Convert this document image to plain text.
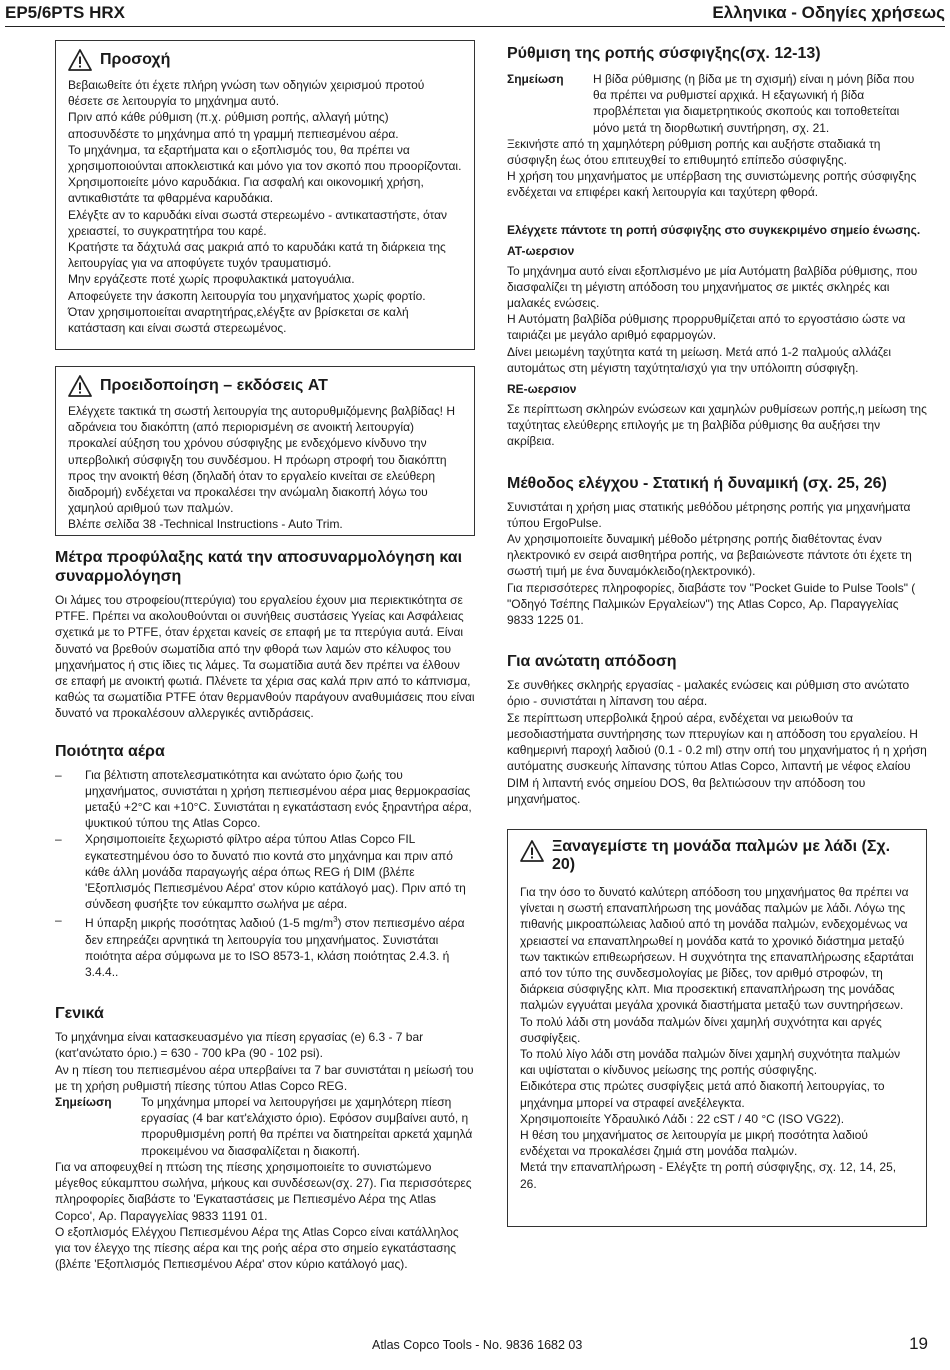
EP5/6PTS HRX	Ελληνικα - Οδηγίες χρήσεως
Προσοχή

Βεβαιωθείτε ότι έχετε πλήρη γνώση των οδηγιών χειρισμού προτού θέσετε σε λειτουργία το μηχάνημα αυτό.

Πριν από κάθε ρύθμιση (π.χ. ρύθμιση ροπής, αλλαγή μύτης) αποσυνδέστε το μηχάνημα από τη γραμμή πεπιεσμένου αέρα.

Το μηχάνημα, τα εξαρτήματα και ο εξοπλισμός του, θα πρέπει να χρησιμοποιούνται αποκλειστικά και μόνο για τον σκοπό που προορίζονται.

Χρησιμοποιείτε μόνο καρυδάκια. Για ασφαλή και οικονομική χρήση, αντικαθιστάτε τα φθαρμένα καρυδάκια.

Ελέγξτε αν το καρυδάκι είναι σωστά στερεωμένο - αντικαταστήστε, όταν χρειαστεί, το συγκρατητήρα του καρέ.

Κρατήστε τα δάχτυλά σας μακριά από το καρυδάκι κατά τη διάρκεια της λειτουργίας για να αποφύγετε τυχόν τραυματισμό.

Μην εργάζεστε ποτέ χωρίς προφυλακτικά ματογυάλια.

Αποφεύγετε την άσκοπη λειτουργία του μηχανήματος χωρίς φορτίο.

Όταν χρησιμοποιείται αναρτητήρας,ελέγξτε αν βρίσκεται σε καλή κατάσταση και είναι σωστά στερεωμένος.

Προειδοποίηση – εκδόσεις AT

Ελέγχετε τακτικά τη σωστή λειτουργία της αυτορυθμιζόμενης βαλβίδας! Η αδράνεια του διακόπτη (από περιορισμένη σε ανοικτή λειτουργία) προκαλεί αύξηση του χρόνου σύσφιγξης με ενδεχόμενο κίνδυνο την υπερβολική σύσφιγξη του συνδέσμου. Η πρόωρη στροφή του διακόπτη προς την ανοικτή θέση (δηλαδή όταν το εργαλείο κινείται σε ελεύθερη διαδρομή) ενδέχεται να προκαλέσει την ανώμαλη διακοπή λόγω του χαμηλού αριθμού των παλμών.

Βλέπε σελίδα 38 -Technical Instructions - Auto Trim.

Μέτρα προφύλαξης κατά την αποσυναρμολόγηση και συναρμολόγηση

Οι λάμες του στροφείου(πτερύγια) του εργαλείου έχουν μια περιεκτικότητα σε PTFE. Πρέπει να ακολουθούνται οι συνήθεις συστάσεις Υγείας και Ασφάλειας σχετικά με το PTFE, όταν έρχεται κανείς σε επαφή με τα πτερύγια αυτά. Είναι δυνατό να βρεθούν σωματίδια από την φθορά των λαμών στο κέλυφος του μηχανήματος ή στις ίδιες τις λάμες. Τα σωματίδια αυτά δεν πρέπει να έλθουν σε επαφή με ανοικτή φωτιά. Πλένετε τα χέρια σας καλά πριν από το κάπνισμα, καθώς τα σωματίδια PTFE όταν θερμανθούν παράγουν αναθυμιάσεις που είναι δυνατό να προκαλέσουν αλλεργικές αντιδράσεις.

Ποιότητα αέρα
–	Για βέλτιστη αποτελεσματικότητα και ανώτατο όριο ζωής του μηχανήματος, συνιστάται η χρήση πεπιεσμένου αέρα μιας θερμοκρασίας μεταξύ +2°C και +10°C. Συνιστάται η εγκατάσταση ενός ξηραντήρα αέρα, ψυκτικού τύπου της Atlas Copco.
–	Χρησιμοποιείτε ξεχωριστό φίλτρο αέρα τύπου Atlas Copco FIL εγκατεστημένου όσο το δυνατό πιο κοντά στο μηχάνημα και πριν από κάθε άλλη μονάδα παραγωγής αέρα όπως REG ή DIM (βλέπε 'Εξοπλισμός Πεπιεσμένου Αέρα' στον κύριο κατάλογό μας). Πριν από τη σύνδεση φυσήξτε τον εύκαμπτο σωλήνα με αέρα.
–	Η ύπαρξη μικρής ποσότητας λαδιού (1-5 $mg/m^3$) στον πεπιεσμένο αέρα δεν επηρεάζει αρνητικά τη λειτουργία του μηχανήματος. Συνιστάται ποιότητα αέρα σύμφωνα με το ISO 8573-1, κλάση ποιότητας 2.4.3. ή 3.4.4..
Γενικά

Το μηχάνημα είναι κατασκευασμένο για πίεση εργασίας (e) 6.3 - 7 bar (κατ'ανώτατο όριο.) = 630 - 700 kPa (90 - 102 psi).

Αν η πίεση του πεπιεσμένου αέρα υπερβαίνει τα 7 bar συνιστάται η μείωσή του με τη χρήση ρυθμιστή πίεσης τύπου Atlas Copco REG.

Σημείωση	Το μηχάνημα μπορεί να λειτουργήσει με χαμηλότερη πίεση εργασίας (4 bar κατ'ελάχιστο όριο). Εφόσον συμβαίνει αυτό, η προρυθμισμένη ροπή θα πρέπει να διατηρείται αρκετά χαμηλά προκειμένου να διασφαλίζεται η διακοπή.

Για να αποφευχθεί η πτώση της πίεσης χρησιμοποιείτε το συνιστώμενο μέγεθος εύκαμπτου σωλήνα, μήκους και συνδέσεων(σχ. 27). Για περισσότερες πληροφορίες διαβάστε το 'Εγκαταστάσεις με Πεπιεσμένο Αέρα της Atlas Copco', Αρ. Παραγγελίας 9833 1191 01.

Ο εξοπλισμός Ελέγχου Πεπιεσμένου Αέρα της Atlas Copco είναι κατάλληλος για τον έλεγχο της πίεσης αέρα και της ροής αέρα στο σημείο εγκατάστασης (βλέπε 'Εξοπλισμός Πεπιεσμένου Αέρα' στον κύριο κατάλογό μας).

Ρύθμιση της ροπής σύσφιγξης(σχ. 12-13)
Σημείωση	Η βίδα ρύθμισης (η βίδα με τη σχισμή) είναι η μόνη βίδα που θα πρέπει να ρυθμιστεί αρχικά. Η εξαγωνική ή βίδα προβλέπεται για διαμετρητικούς σκοπούς και τοποθετείται μόνο μετά τη διορθωτική συντήρηση, σχ. 21.

Ξεκινήστε από τη χαμηλότερη ρύθμιση ροπής και αυξήστε σταδιακά τη σύσφιγξη έως ότου επιτευχθεί το επιθυμητό επίπεδο σύσφιγξης.

Η χρήση του μηχανήματος με υπέρβαση της συνιστώμενης ροπής σύσφιγξης ενδέχεται να επιφέρει κακή λειτουργία και ταχύτερη φθορά.

Ελέγχετε πάντοτε τη ροπή σύσφιγξης στο συγκεκριμένο σημείο ένωσης.
AT-ωερσιον

Το μηχάνημα αυτό είναι εξοπλισμένο με μία Αυτόματη βαλβίδα ρύθμισης, που διασφαλίζει τη μέγιστη απόδοση του μηχανήματος σε μικτές σκληρές και μαλακές ενώσεις.

Η Αυτόματη βαλβίδα ρύθμισης προρρυθμίζεται από το εργοστάσιο ώστε να ταιριάζει με μεγάλο αριθμό εφαρμογών.

Δίνει μειωμένη ταχύτητα κατά τη μείωση. Μετά από 1-2 παλμούς αλλάζει αυτομάτως στη μέγιστη ταχύτητα/ισχύ για την υπόλοιπη σύσφιγξη.

RE-ωερσιον

Σε περίπτωση σκληρών ενώσεων και χαμηλών ρυθμίσεων ροπής,η μείωση της ταχύτητας ελεύθερης επιλογής με τη βαλβίδα ρύθμισης θα αυξήσει την ακρίβεια.

Μέθοδος ελέγχου - Στατική ή δυναμική (σχ. 25, 26)

Συνιστάται η χρήση μιας στατικής μεθόδου μέτρησης ροπής για μηχανήματα τύπου ErgoPulse.

Αν χρησιμοποιείτε δυναμική μέθοδο μέτρησης ροπής διαθέτοντας έναν ηλεκτρονικό εν σειρά αισθητήρα ροπής, να βεβαιώνεστε πάντοτε ότι έχετε τη σωστή τιμή με ένα δυναμόκλειδο(ηλεκτρονικό).

Για περισσότερες πληροφορίες, διαβάστε τον "Pocket Guide to Pulse Tools" ( "Οδηγό Τσέπης Παλμικών Εργαλείων") της Atlas Copco, Αρ. Παραγγελίας 9833 1225 01.

Για ανώτατη απόδοση

Σε συνθήκες σκληρής εργασίας - μαλακές ενώσεις και ρύθμιση στο ανώτατο όριο - συνιστάται η λίπανση του αέρα.

Σε περίπτωση υπερβολικά ξηρού αέρα, ενδέχεται να μειωθούν τα μεσοδιαστήματα συντήρησης των πτερυγίων και η απόδοση του εργαλείου. Η καθημερινή παροχή λαδιού (0.1 - 0.2 ml) στην οπή του μηχανήματος ή η χρήση αυτόματης συσκευής λίπανσης τύπου Atlas Copco, λιπαντή με νέφος ελαίου DIM ή λιπαντή ενός σημείου DOS, θα βελτιώσουν την απόδοση του μηχανήματος.

Ξαναγεμίστε τη μονάδα παλμών με λάδι (Σχ. 20)

Για την όσο το δυνατό καλύτερη απόδοση του μηχανήματος θα πρέπει να γίνεται η σωστή επαναπλήρωση της μονάδας παλμών με λάδι. Λόγω της πιθανής μικροαπώλειας λαδιού από τη μονάδα παλμών, ενδεχομένως να χρειαστεί να επαναπληρωθεί η μονάδα κατά το χρονικό διάστημα μεταξύ των τακτικών επιθεωρήσεων. Η συχνότητα της επαναπλήρωσης εξαρτάται από τον τύπο της συνδεσμολογίας με βίδες, τον αριθμό στροφών, τη διάρκεια σύσφιγξης κλπ. Μια προσεκτική επαναπλήρωση της μονάδας παλμών εγγυάται μεγάλα χρονικά διαστήματα μεταξύ των συντηρήσεων.

Το πολύ λάδι στη μονάδα παλμών δίνει χαμηλή συχνότητα και αργές συσφίγξεις.

Το πολύ λίγο λάδι στη μονάδα παλμών δίνει χαμηλή συχνότητα παλμών και υψίσταται ο κίνδυνος μείωσης της ροπής σύσφιγξης.

Ειδικότερα στις πρώτες συσφίγξεις μετά από διακοπή λειτουργίας, το μηχάνημα μπορεί να στραφεί ανεξέλεγκτα.

Χρησιμοποιείτε Υδραυλικό Λάδι : 22 cST / 40 °C (ISO VG22).

Η θέση του μηχανήματος σε λειτουργία με μικρή ποσότητα λαδιού ενδέχεται να προκαλέσει ζημιά στη μονάδα παλμών.

Μετά την επαναπλήρωση - Ελέγξτε τη ροπή σύσφιγξης, σχ. 12, 14, 25, 26.

Atlas Copco Tools - No. 9836 1682 03	19
